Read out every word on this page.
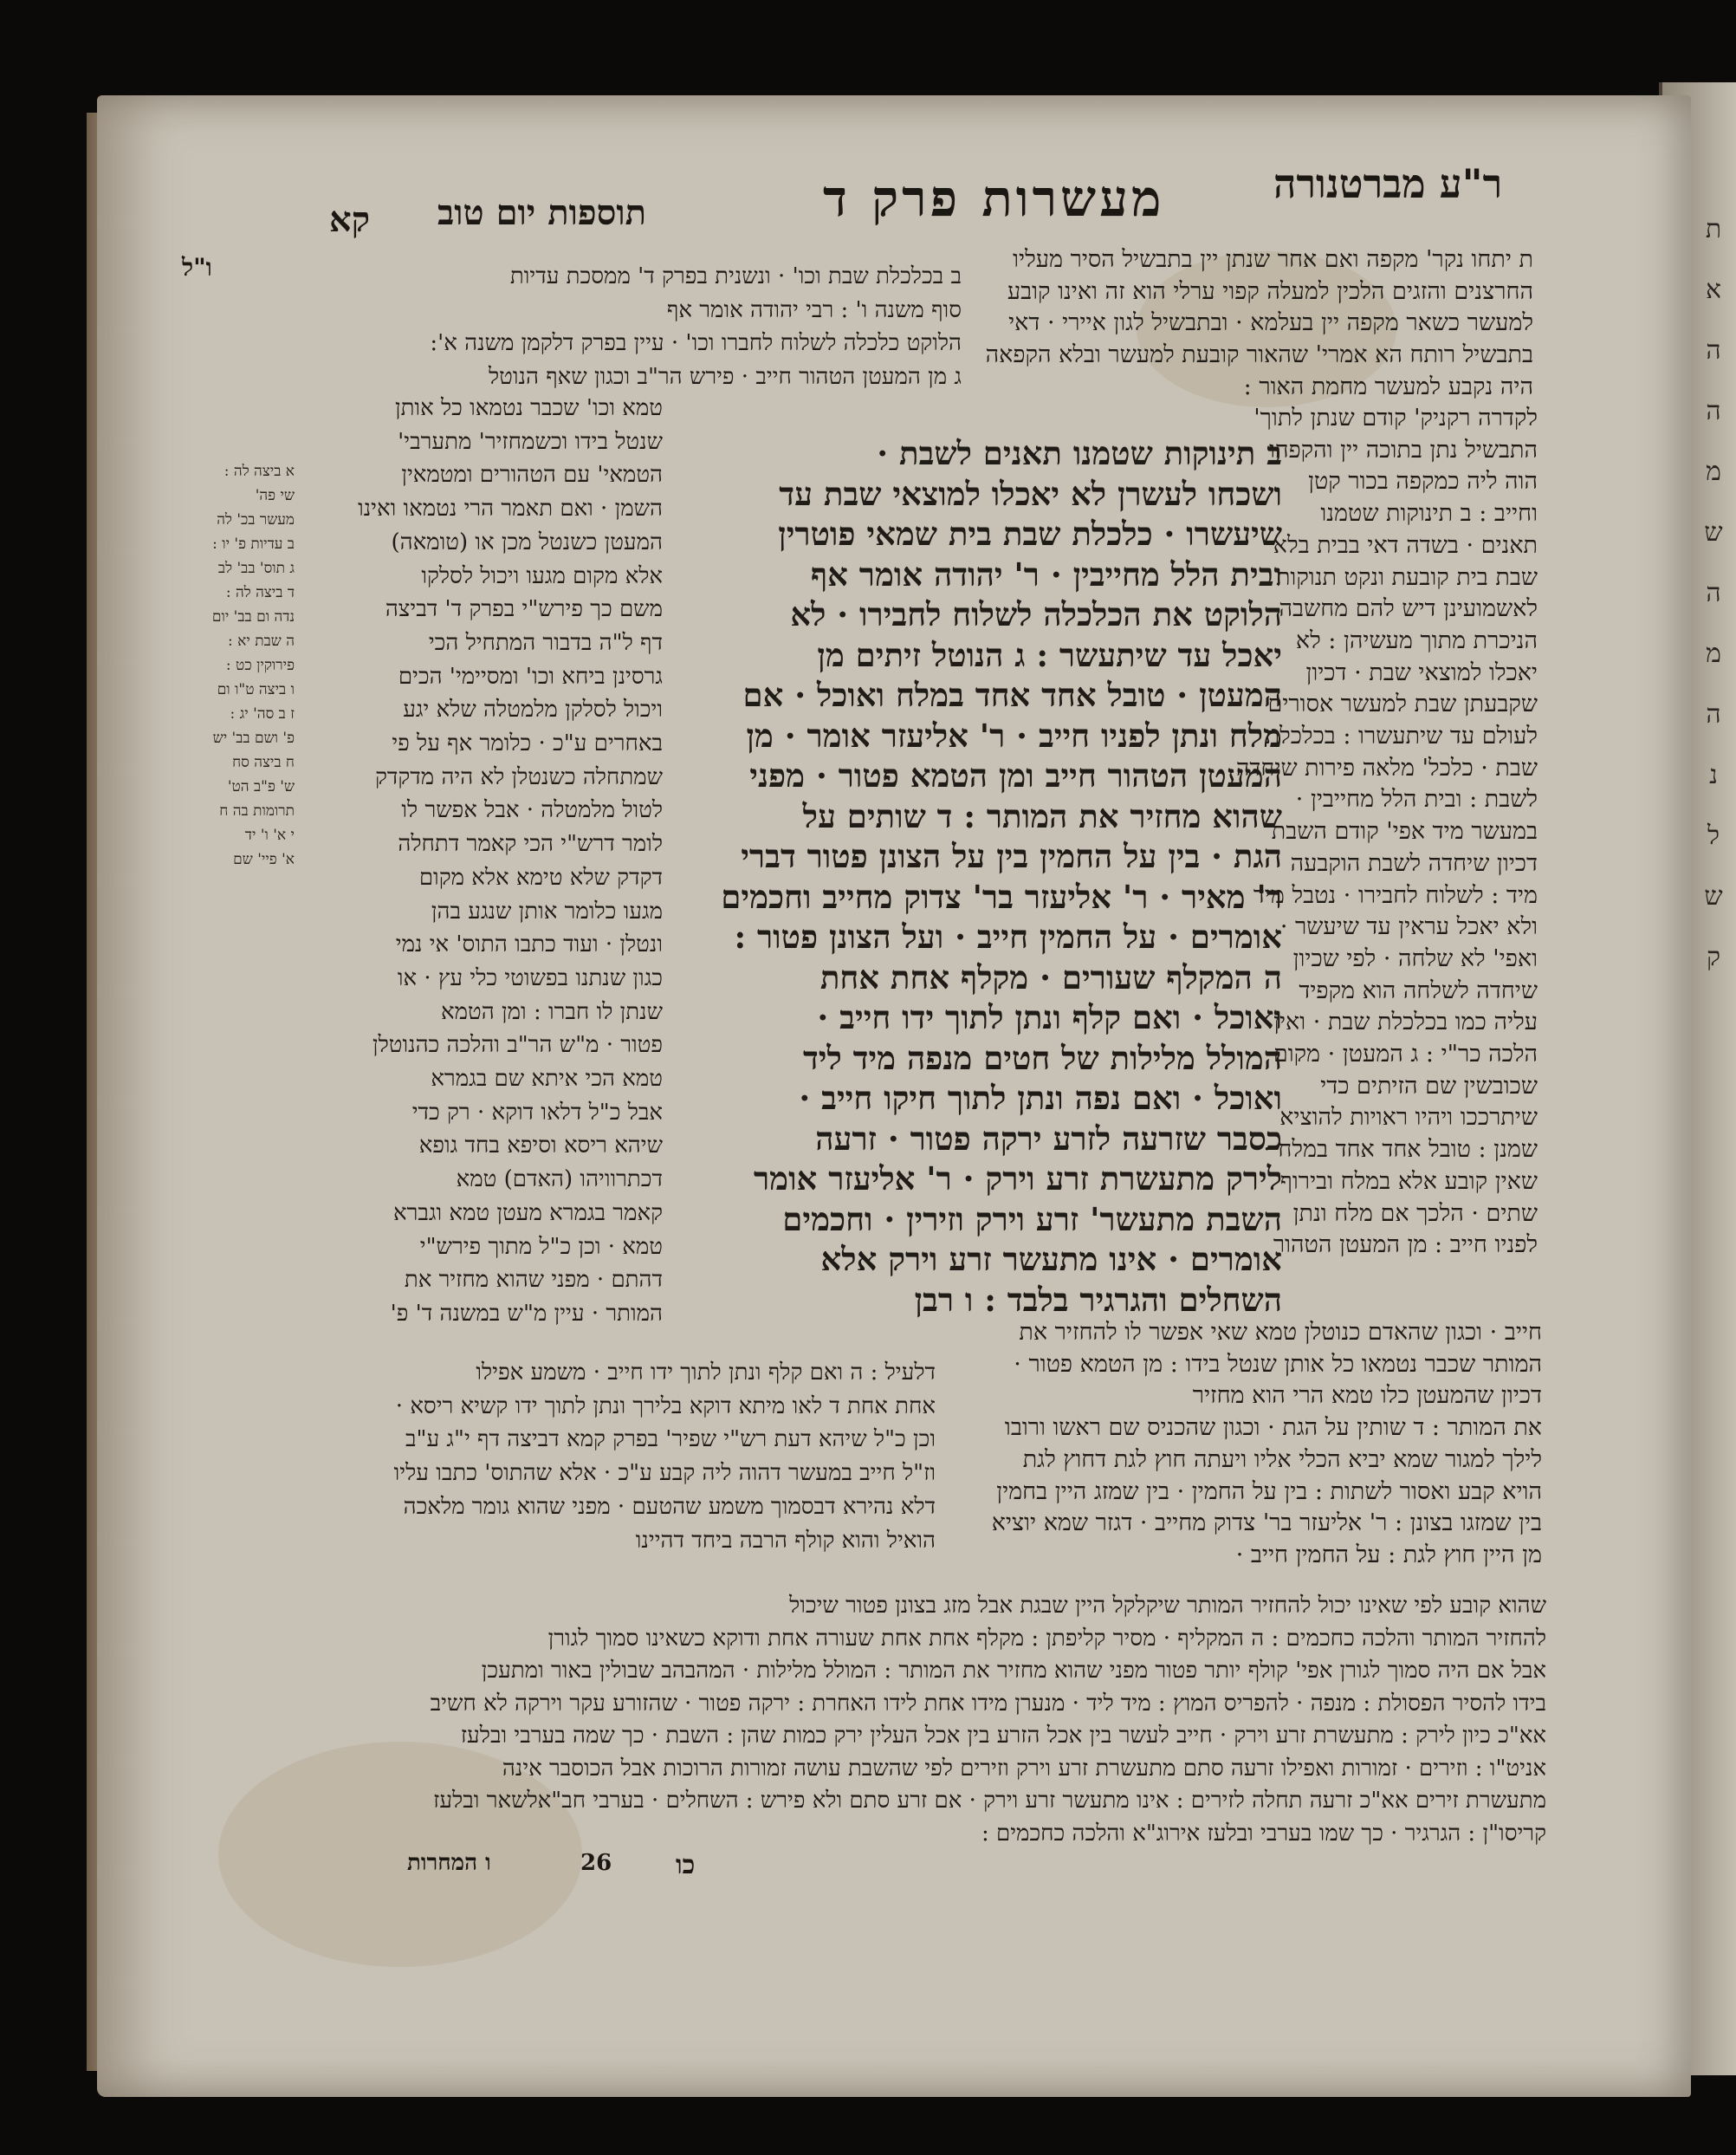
ת
א
ה
ה
מ
ש
ה
מ
ה
נ
ל
ש
ק
ר"ע מברטנורה
מעשרות פרק ד
תוספות יום טוב
קא
ו"ל	ב בכלכלת שבת וכו' · ונשנית בפרק ד' ממסכת עדיות
סוף משנה ו' : רבי יהודה אומר אף
הלוקט כלכלה לשלוח לחברו וכו' · עיין בפרק דלקמן משנה א':
ג מן המעטן הטהור חייב · פירש הר"ב וכגון שאף הנוטל
ת יתחו נקר' מקפה ואם אחר שנתן יין בתבשיל הסיר מעליו
החרצנים והזגים הלכין למעלה קפוי ערלי הוא זה ואינו קובע
למעשר כשאר מקפה יין בעלמא · ובתבשיל לגון איירי · דאי
בתבשיל רותח הא אמרי' שהאור קובעת למעשר ובלא הקפאה
היה נקבע למעשר מחמת האור :
לקדרה רקניק' קודם שנתן לתוך'
התבשיל נתן בתוכה יין והקפהו
הוה ליה כמקפה בכור קטן
וחייב : ב תינוקות שטמנו
תאנים · בשדה דאי בבית בלא
שבת בית קובעת ונקט תנוקות
לאשמועינן דיש להם מחשבה
הניכרת מתוך מעשיהן : לא
יאכלו למוצאי שבת · דכיון
שקבעתן שבת למעשר אסורים
לעולם עד שיתעשרו : בכלכלת
שבת · כלכל' מלאה פירות שיחדה
לשבת : ובית הלל מחייבין ·
במעשר מיד אפי' קודם השבת
דכיון שיחדה לשבת הוקבעה
מיד : לשלוח לחבירו · נטבל מיד
ולא יאכל עראין עד שיעשר ·
ואפי' לא שלחה · לפי שכיון
שיחדה לשלחה הוא מקפיד
עליה כמו בכלכלת שבת · ואין
הלכה כר"י : ג המעטן · מקום
שכובשין שם הזיתים כדי
שיתרככו ויהיו ראויות להוציא
שמנן : טובל אחד אחד במלח ·
שאין קובע אלא במלח ובירוף
שתים · הלכך אם מלח ונתן
לפניו חייב : מן המעטן הטהור
ב תינוקות שטמנו תאנים לשבת ·
ושכחו לעשרן לא יאכלו למוצאי שבת עד
שיעשרו · כלכלת שבת בית שמאי פוטרין
ובית הלל מחייבין · ר' יהודה אומר אף
הלוקט את הכלכלה לשלוח לחבירו · לא
יאכל עד שיתעשר : ג הנוטל זיתים מן
המעטן · טובל אחד אחד במלח ואוכל · אם
מלח ונתן לפניו חייב · ר' אליעזר אומר · מן
המעטן הטהור חייב ומן הטמא פטור · מפני
שהוא מחזיר את המותר : ד שותים על
הגת · בין על החמין בין על הצונן פטור דברי
ר' מאיר · ר' אליעזר בר' צדוק מחייב וחכמים
אומרים · על החמין חייב · ועל הצונן פטור :
ה המקלף שעורים · מקלף אחת אחת
ואוכל · ואם קלף ונתן לתוך ידו חייב ·
המולל מלילות של חטים מנפה מיד ליד
ואוכל · ואם נפה ונתן לתוך חיקו חייב ·
כסבר שזרעה לזרע ירקה פטור · זרעה
לירק מתעשרת זרע וירק · ר' אליעזר אומר
השבת מתעשר' זרע וירק וזירין · וחכמים
אומרים · אינו מתעשר זרע וירק אלא
השחלים והגרגיר בלבד : ו רבן
טמא וכו' שכבר נטמאו כל אותן
שנטל בידו וכשמחזיר' מתערבי'
הטמאי' עם הטהורים ומטמאין
השמן · ואם תאמר הרי נטמאו ואינו
המעטן כשנטל מכן או (טומאה)
אלא מקום מגעו ויכול לסלקו
משם כך פירש"י בפרק ד' דביצה
דף ל"ה בדבור המתחיל הכי
גרסינן ביחא וכו' ומסיימי' הכים
ויכול לסלקן מלמטלה שלא יגע
באחרים ע"כ · כלומר אף על פי
שמתחלה כשנטלן לא היה מדקדק
לטול מלמטלה · אבל אפשר לו
לומר דרש"י הכי קאמר דתחלה
דקדק שלא טימא אלא מקום
מגעו כלומר אותן שנגע בהן
ונטלן · ועוד כתבו התוס' אי נמי
כגון שנתנו בפשוטי כלי עץ · או
שנתן לו חברו : ומן הטמא
פטור · מ"ש הר"ב והלכה כהנוטלן
טמא הכי איתא שם בגמרא
אבל כ"ל דלאו דוקא · רק כדי
שיהא ריסא וסיפא בחד גופא
דכתרוויהו (האדם) טמא
קאמר בגמרא מעטן טמא וגברא
טמא · וכן כ"ל מתוך פירש"י
דהתם · מפני שהוא מחזיר את
המותר · עיין מ"ש במשנה ד' פ'
א ביצה לה :
שי פה'
מעשר בכ' לה
ב עדיות פ' יו :
ג תוס' בב' לב
ד ביצה לה :
נדה ום בב' יום
ה שבת יא :
פירוקין כט :
ו ביצה ט"ו ום
ז ב סה' יג :
פ' ושם בב' יש
ח ביצה סח
ש' פ"ב הט'
תרומות בה ח
י א' ו' יד
א' פיי' שם
דלעיל : ה ואם קלף ונתן לתוך ידו חייב · משמע אפילו
אחת אחת ד לאו מיתא דוקא בלירך ונתן לתוך ידו קשיא ריסא ·
וכן כ"ל שיהא דעת רש"י שפיר' בפרק קמא דביצה דף י"ג ע"ב
וז"ל חייב במעשר דהוה ליה קבע ע"כ · אלא שהתוס' כתבו עליו
דלא נהירא דבסמוך משמע שהטעם · מפני שהוא גומר מלאכה
הואיל והוא קולף הרבה ביחד דהיינו
חייב · וכגון שהאדם כנוטלן טמא שאי אפשר לו להחזיר את
המותר שכבר נטמאו כל אותן שנטל בידו : מן הטמא פטור ·
דכיון שהמעטן כלו טמא הרי הוא מחזיר
את המותר : ד שותין על הגת · וכגון שהכניס שם ראשו ורובו
לילך למגור שמא יביא הכלי אליו ויעתה חוץ לגת דחוץ לגת
הויא קבע ואסור לשתות : בין על החמין · בין שמזג היין בחמין
בין שמזגו בצונן : ר' אליעזר בר' צדוק מחייב · דגזר שמא יוציא
מן היין חוץ לגת : על החמין חייב ·
שהוא קובע לפי שאינו יכול להחזיר המותר שיקלקל היין שבגת אבל מזג בצונן פטור שיכול
להחזיר המותר והלכה כחכמים : ה המקליף · מסיר קליפתן : מקלף אחת אחת שעורה אחת ודוקא כשאינו סמוך לגורן
אבל אם היה סמוך לגורן אפי' קולף יותר פטור מפני שהוא מחזיר את המותר : המולל מלילות · המהבהב שבולין באור ומתעכן
בידו להסיר הפסולת : מנפה · להפריס המוץ : מיד ליד · מנערן מידו אחת לידו האחרת : ירקה פטור · שהזורע עקר וירקה לא חשיב
אא"כ כיון לירק : מתעשרת זרע וירק · חייב לעשר בין אכל הזרע בין אכל העלין ירק כמות שהן : השבת · כך שמה בערבי ובלעז
אניט"ו : וזירים · זמורות ואפילו זרעה סתם מתעשרת זרע וירק וזירים לפי שהשבת עושה זמורות הרוכות אבל הכוסבר אינה
מתעשרת זירים אא"כ זרעה תחלה לזירים : אינו מתעשר זרע וירק · אם זרע סתם ולא פירש : השחלים · בערבי חב"אלשאר ובלעז
קריסו"ן : הגרגיר · כך שמו בערבי ובלעז אירוג"א והלכה כחכמים :
ו המחרות	26 כו
